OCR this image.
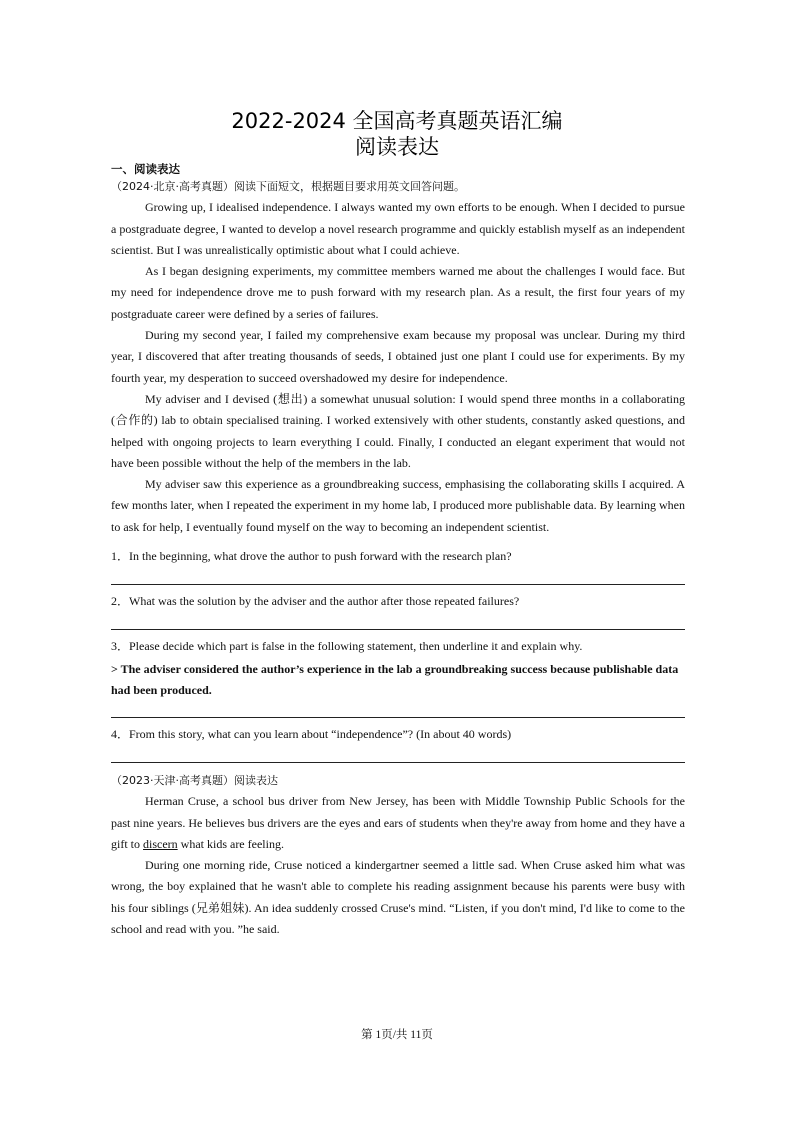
2022-2024 全国高考真题英语汇编
阅读表达
一、阅读表达
（2024·北京·高考真题）阅读下面短文，根据题目要求用英文回答问题。

Growing up, I idealised independence. I always wanted my own efforts to be enough. When I decided to pursue a postgraduate degree, I wanted to develop a novel research programme and quickly establish myself as an independent scientist. But I was unrealistically optimistic about what I could achieve.

As I began designing experiments, my committee members warned me about the challenges I would face. But my need for independence drove me to push forward with my research plan. As a result, the first four years of my postgraduate career were defined by a series of failures.

During my second year, I failed my comprehensive exam because my proposal was unclear. During my third year, I discovered that after treating thousands of seeds, I obtained just one plant I could use for experiments. By my fourth year, my desperation to succeed overshadowed my desire for independence.

My adviser and I devised (想出) a somewhat unusual solution: I would spend three months in a collaborating (合作的) lab to obtain specialised training. I worked extensively with other students, constantly asked questions, and helped with ongoing projects to learn everything I could. Finally, I conducted an elegant experiment that would not have been possible without the help of the members in the lab.

My adviser saw this experience as a groundbreaking success, emphasising the collaborating skills I acquired. A few months later, when I repeated the experiment in my home lab, I produced more publishable data. By learning when to ask for help, I eventually found myself on the way to becoming an independent scientist.

1．In the beginning, what drove the author to push forward with the research plan?
2．What was the solution by the adviser and the author after those repeated failures?
3．Please decide which part is false in the following statement, then underline it and explain why.
> The adviser considered the author’s experience in the lab a groundbreaking success because publishable data had been produced.
4．From this story, what can you learn about “independence”? (In about 40 words)
（2023·天津·高考真题）阅读表达

Herman Cruse, a school bus driver from New Jersey, has been with Middle Township Public Schools for the past nine years. He believes bus drivers are the eyes and ears of students when they're away from home and they have a gift to discern what kids are feeling.

During one morning ride, Cruse noticed a kindergartner seemed a little sad. When Cruse asked him what was wrong, the boy explained that he wasn't able to complete his reading assignment because his parents were busy with his four siblings (兄弟姐妹). An idea suddenly crossed Cruse's mind. “Listen, if you don't mind, I'd like to come to the school and read with you. ”he said.

第 1页/共 11页
